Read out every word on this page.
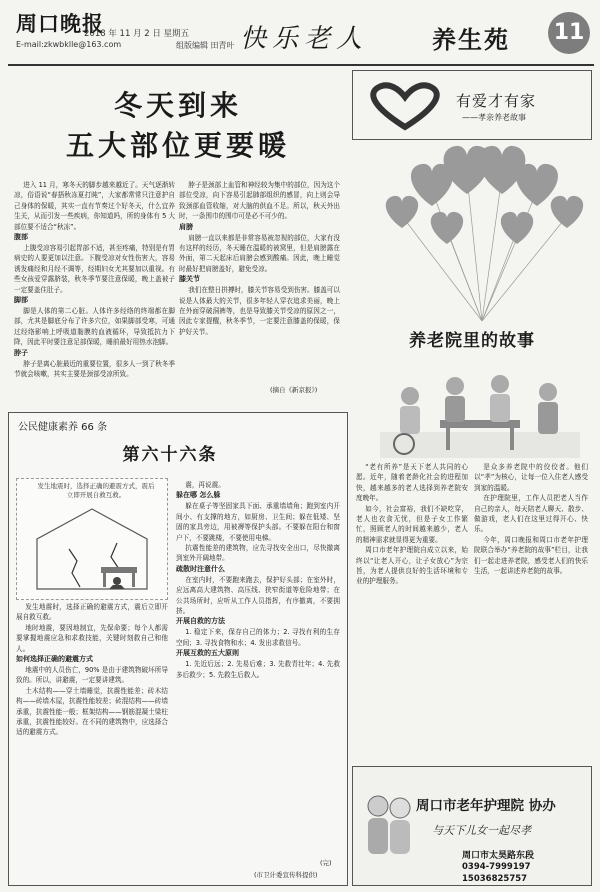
周口晚报
2018 年 11 月 2 日 星期五
E-mail:zkwbklle@163.com	组版编辑 田青叶 快乐老人	养生苑 11
冬天到来
五大部位更要暖
进入 11 月，寒冬天的脚步越来越近了。天气逐渐转凉，俗语说“春捂秋冻夏打盹”，大家都常常只注意护自己身体的保暖，其实一直有节奏过个好冬天，什么宜养生关，从而引发一些疾病，你知道吗，所的身体有 5 大部位要不适合“秋冻”。
腹部
上腹受凉容易引起胃部不适，甚至疼痛，特别是有胃病史的人要更加以注意。下腹受凉对女性伤害大，容易诱发痛经和月经不调等，经期妇女尤其要加以重视。有些女孩爱穿露脐装，秋冬季节要注意保暖，晚上盖被子一定要盖住肚子。
脚部
脚是人体的第二心脏。人体许多经络的终端都在脚部，尤其是脚底分布了许多穴位，如果脚部受寒，可通过经络影响上呼吸道黏膜的血液循环，导致抵抗力下降，因此平时要注意足部保暖，睡前最好用热水泡脚。
脖子
脖子是离心脏最近的重要位置，很多人一到了秋冬季节就会咳嗽，其实主要是颈部受凉所致。
脖子是颈部上血管和神经较为集中的部位，因为这个部位受凉，向下容易引起肺部组织的感冒，向上则会导致颈部血管收缩，对大脑的供血不足。所以，秋天外出时，一条围巾的围巾可是必不可少的。
肩膀
肩膀一直以来都是非常容易被忽视的部位，大家有没有这样的经历，冬天睡在温暖的被窝里，但是肩膀露在外面，第二天起床后肩膀会感到酸痛。因此，晚上睡觉时最好把肩膀盖好，避免受凉。
膝关节
我们在整日拼搏时，膝关节容易受到伤害。膝盖可以说是人体最大的关节，很多年轻人穿衣追求美丽，晚上在外面穿破洞裤等，也是导致膝关节受凉的原因之一，因此专家提醒，秋冬季节，一定要注意膝盖的保暖，保护好关节。
(摘自《新京报》)
公民健康素养 66 条
第六十六条
发生地震时，选择正确的避震方式，震后立即开展自救互救。
发生地震时，选择正确的避震方式，震后立即开展自救互救。
地时地震，要因地制宜，先保命要；每个人都需要掌握地震应急和求救技能，关键时刻救自己和他人。
如何选择正确的避震方式
地震中的人员伤亡，90% 是由于建筑物破坏所导致的。所以，讲避震，一定要讲建筑。
土木结构——穿土墙睡觉，抗震性能差；砖木结构——砖墙木屋，抗震性能较差；砖混结构——砖墙承重，抗震性能一般；框架结构——钢筋混凝土梁柱承重，抗震性能较好。在不同的建筑物中，应选择合适的避震方式。
震，再说震。
躲在哪 怎么躲
躲在桌子等坚固家具下面、承重墙墙角；跑到室内开间小、有支撑的地方，如厨房、卫生间；躲在低矮、坚固的家具旁边，用被褥等保护头部。不要躲在阳台和窗户下，不要跳楼，不要使用电梯。
抗震性能差的建筑物，应先寻找安全出口，尽快撤离到室外开阔地带。
疏散时注意什么
在室内时，不要跑来跑去，保护好头部；在室外时，应远离高大建筑物、高压线、狭窄街道等危险地带；在公共场所时，应听从工作人员指挥，有序撤离，不要拥挤。
开展自救的方法
1. 稳定下来，保存自己的体力；2. 寻找有利的生存空间；3. 寻找食物和水；4. 发出求救信号。
开展互救的五大原则
1. 先近后远；2. 先易后难；3. 先救青壮年；4. 先救多后救少；5. 先救生后救人。
(完)
(市卫计委宣传科提供)
有爱才有家
——孝亲养老故事
养老院里的故事
“老有所养”是天下老人共同的心愿。近年，随着老龄化社会的进程加快，越来越多的老人选择到养老院安度晚年。
如今，社会富裕，我们不缺吃穿，老人也衣食无忧，但是子女工作繁忙，照顾老人的时间越来越少，老人的精神需求就显得更为重要。
周口市老年护理院自成立以来，始终以“让老人开心，让子女放心”为宗旨，为老人提供良好的生活环境和专业的护理服务。
是众多养老院中的佼佼者。他们以“孝”为核心，让每一位入住老人感受到家的温暖。
在护理院里，工作人员把老人当作自己的亲人，每天陪老人聊天、散步、做游戏，老人们在这里过得开心、快乐。
今年，周口晚报和周口市老年护理院联合举办“养老院的故事”栏目，让我们一起走进养老院，感受老人们的快乐生活，一起讲述养老院的故事。
周口市老年护理院 协办
与天下儿女一起尽孝
周口市太昊路东段
0394-7999197
15036825757
